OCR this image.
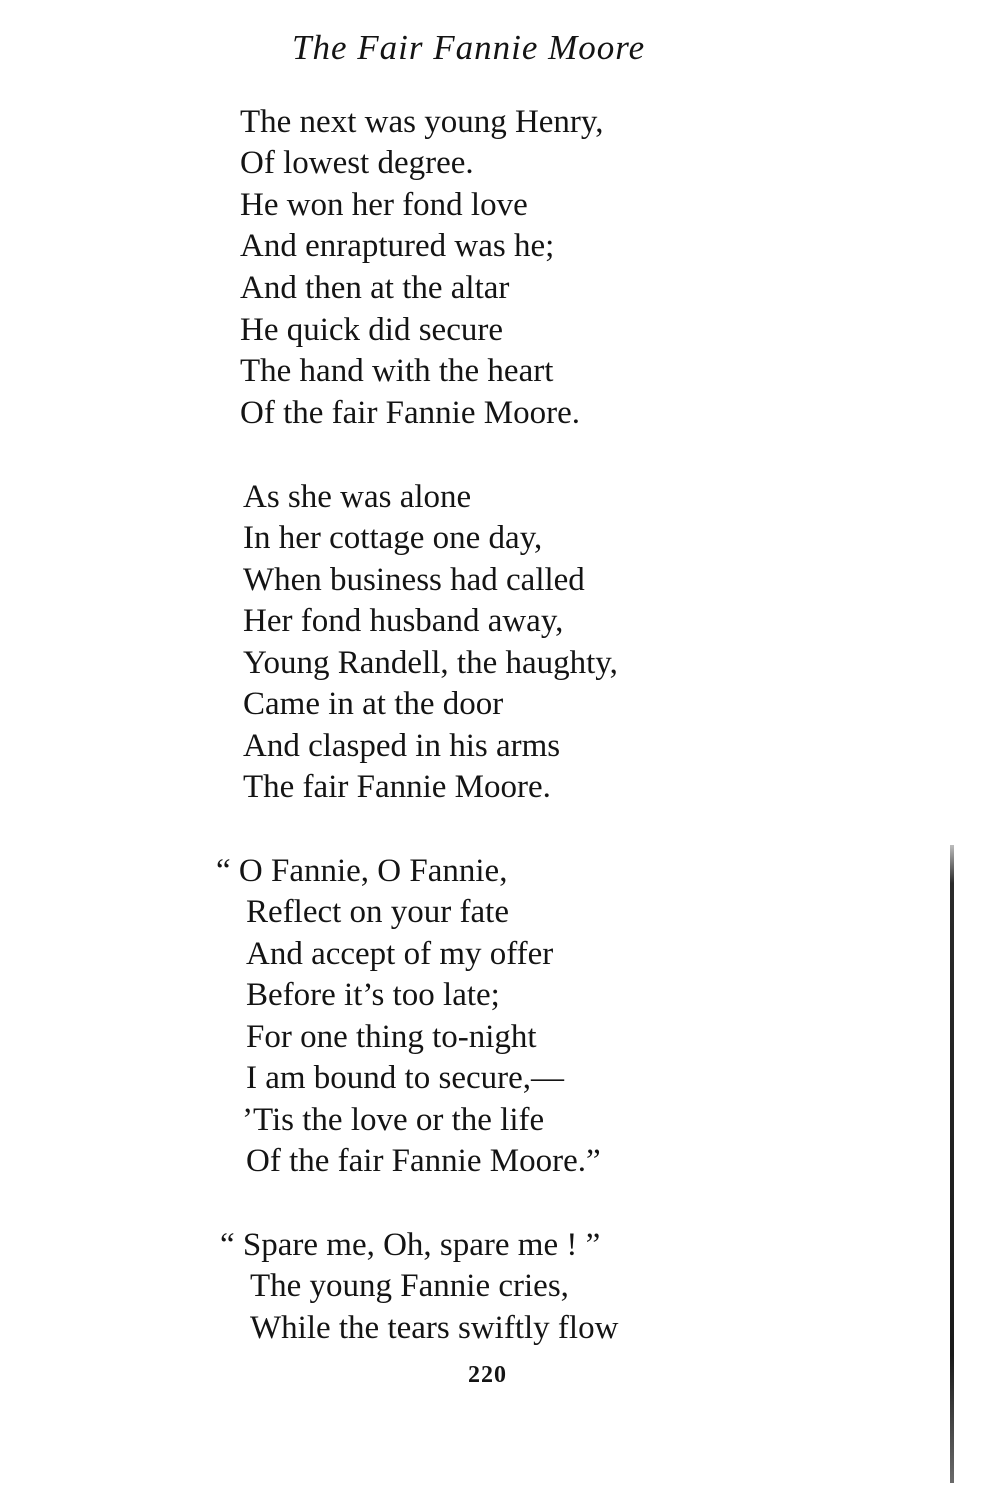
The Fair Fannie Moore
The next was young Henry,
Of lowest degree.
He won her fond love
And enraptured was he;
And then at the altar
He quick did secure
The hand with the heart
Of the fair Fannie Moore.
As she was alone
In her cottage one day,
When business had called
Her fond husband away,
Young Randell, the haughty,
Came in at the door
And clasped in his arms
The fair Fannie Moore.
“ O Fannie, O Fannie,
Reflect on your fate
And accept of my offer
Before it’s too late;
For one thing to-night
I am bound to secure,—
’Tis the love or the life
Of the fair Fannie Moore.”
“ Spare me, Oh, spare me ! ”
The young Fannie cries,
While the tears swiftly flow
220
